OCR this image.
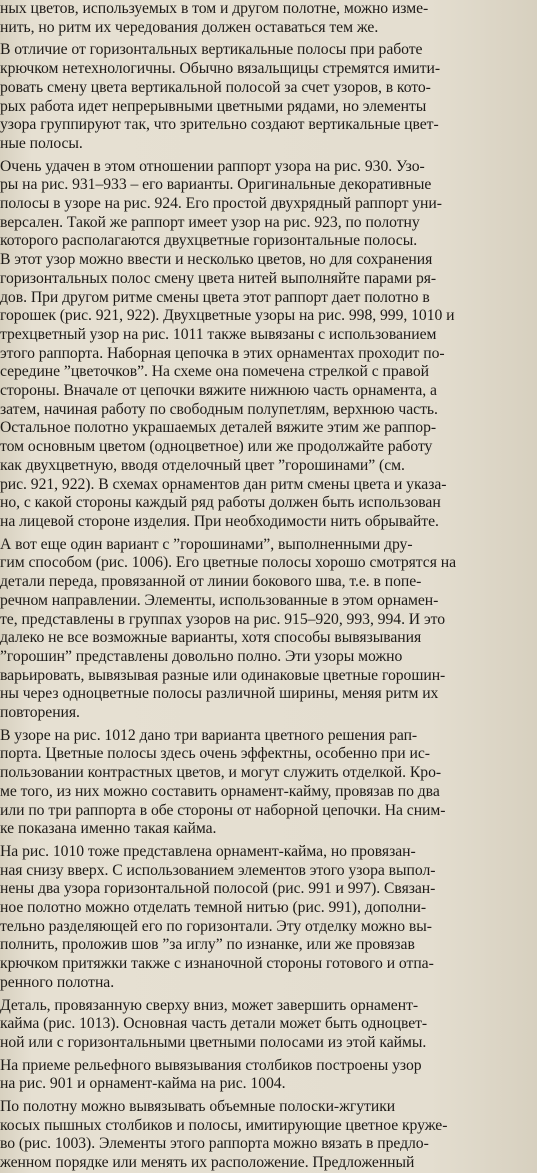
ных цветов, используемых в том и другом полотне, можно изме-
нить, но ритм их чередования должен оставаться тем же.

В отличие от горизонтальных вертикальные полосы при работе
крючком нетехнологичны. Обычно вязальщицы стремятся имити-
ровать смену цвета вертикальной полосой за счет узоров, в кото-
рых работа идет непрерывными цветными рядами, но элементы
узора группируют так, что зрительно создают вертикальные цвет-
ные полосы.

Очень удачен в этом отношении раппорт узора на рис. 930. Узо-
ры на рис. 931–933 – его варианты. Оригинальные декоративные
полосы в узоре на рис. 924. Его простой двухрядный раппорт уни-
версален. Такой же раппорт имеет узор на рис. 923, по полотну
которого располагаются двухцветные горизонтальные полосы.
В этот узор можно ввести и несколько цветов, но для сохранения
горизонтальных полос смену цвета нитей выполняйте парами ря-
дов. При другом ритме смены цвета этот раппорт дает полотно в
горошек (рис. 921, 922). Двухцветные узоры на рис. 998, 999, 1010 и
трехцветный узор на рис. 1011 также вывязаны с использованием
этого раппорта. Наборная цепочка в этих орнаментах проходит по-
середине ”цветочков”. На схеме она помечена стрелкой с правой
стороны. Вначале от цепочки вяжите нижнюю часть орнамента, а
затем, начиная работу по свободным полупетлям, верхнюю часть.
Остальное полотно украшаемых деталей вяжите этим же раппор-
том основным цветом (одноцветное) или же продолжайте работу
как двухцветную, вводя отделочный цвет ”горошинами” (см.
рис. 921, 922). В схемах орнаментов дан ритм смены цвета и указа-
но, с какой стороны каждый ряд работы должен быть использован
на лицевой стороне изделия. При необходимости нить обрывайте.

А вот еще один вариант с ”горошинами”, выполненными дру-
гим способом (рис. 1006). Его цветные полосы хорошо смотрятся на
детали переда, провязанной от линии бокового шва, т.е. в попе-
речном направлении. Элементы, использованные в этом орнамен-
те, представлены в группах узоров на рис. 915–920, 993, 994. И это
далеко не все возможные варианты, хотя способы вывязывания
”горошин” представлены довольно полно. Эти узоры можно
варьировать, вывязывая разные или одинаковые цветные горошин-
ны через одноцветные полосы различной ширины, меняя ритм их
повторения.

В узоре на рис. 1012 дано три варианта цветного решения рап-
порта. Цветные полосы здесь очень эффектны, особенно при ис-
пользовании контрастных цветов, и могут служить отделкой. Кро-
ме того, из них можно составить орнамент-кайму, провязав по два
или по три раппорта в обе стороны от наборной цепочки. На сним-
ке показана именно такая кайма.

На рис. 1010 тоже представлена орнамент-кайма, но провязан-
ная снизу вверх. С использованием элементов этого узора выпол-
нены два узора горизонтальной полосой (рис. 991 и 997). Связан-
ное полотно можно отделать темной нитью (рис. 991), дополни-
тельно разделяющей его по горизонтали. Эту отделку можно вы-
полнить, проложив шов ”за иглу” по изнанке, или же провязав
крючком притяжки также с изнаночной стороны готового и отпа-
ренного полотна.

Деталь, провязанную сверху вниз, может завершить орнамент-
кайма (рис. 1013). Основная часть детали может быть одноцвет-
ной или с горизонтальными цветными полосами из этой каймы.

На приеме рельефного вывязывания столбиков построены узор
на рис. 901 и орнамент-кайма на рис. 1004.

По полотну можно вывязывать объемные полоски-жгутики
косых пышных столбиков и полосы, имитирующие цветное круже-
во (рис. 1003). Элементы этого раппорта можно вязать в предло-
женном порядке или менять их расположение. Предложенный
